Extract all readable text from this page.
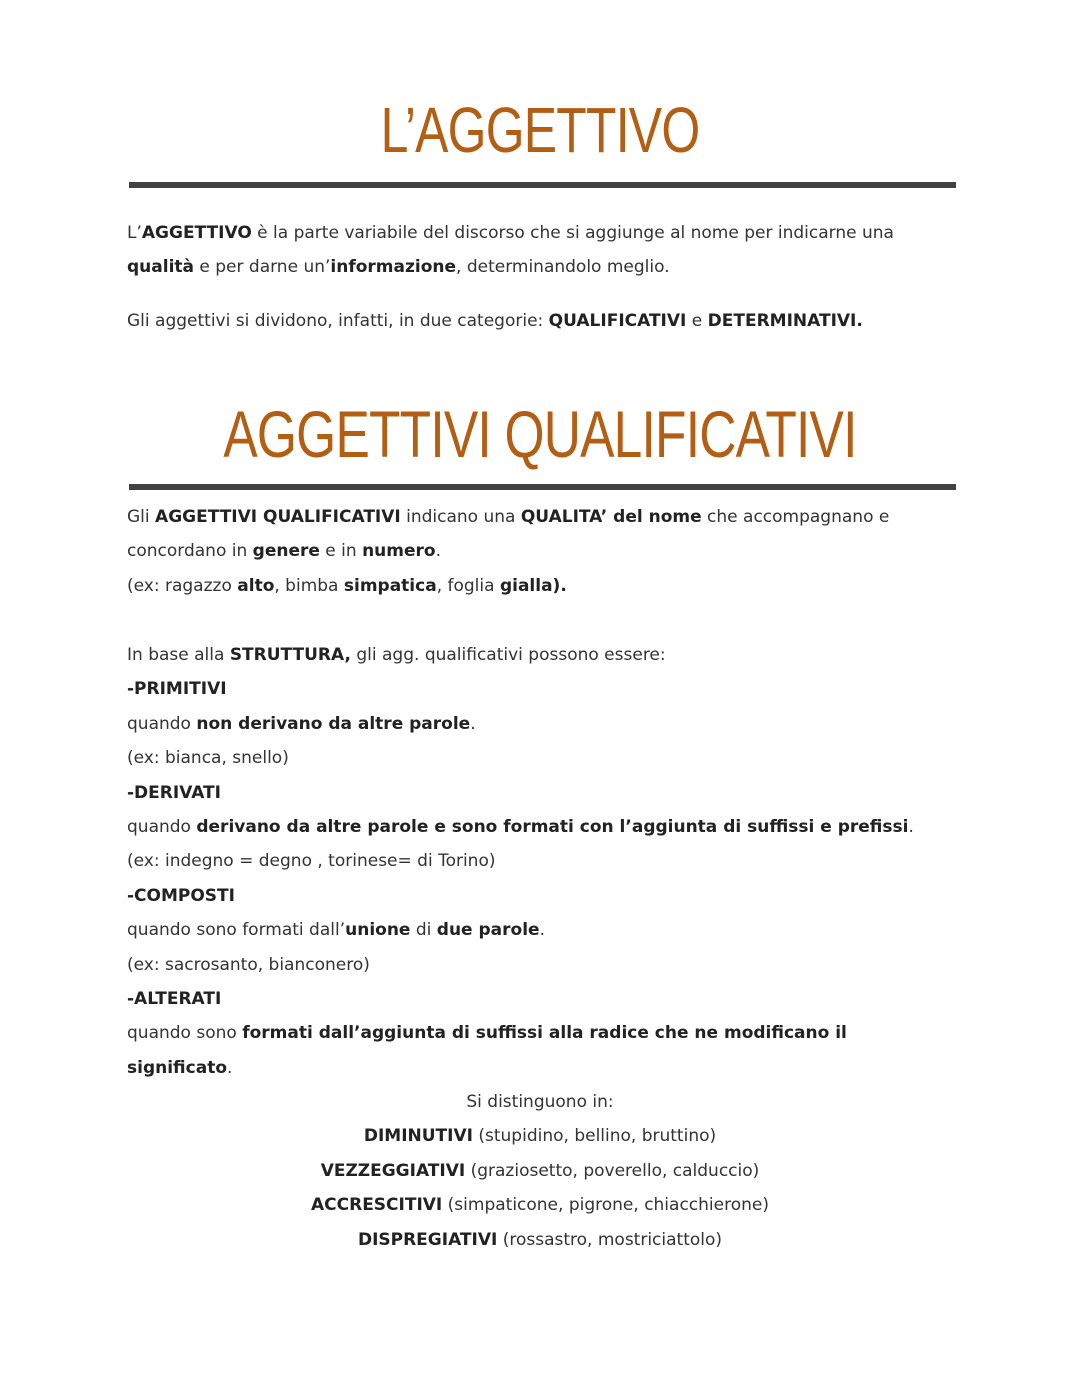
L’AGGETTIVO
L’AGGETTIVO è la parte variabile del discorso che si aggiunge al nome per indicarne una
qualità e per darne un’informazione, determinandolo meglio.
Gli aggettivi si dividono, infatti, in due categorie: QUALIFICATIVI e DETERMINATIVI.
AGGETTIVI QUALIFICATIVI
Gli AGGETTIVI QUALIFICATIVI indicano una QUALITA’ del nome che accompagnano e
concordano in genere e in numero.
(ex: ragazzo alto, bimba simpatica, foglia gialla).
In base alla STRUTTURA, gli agg. qualificativi possono essere:
-PRIMITIVI
quando non derivano da altre parole.
(ex: bianca, snello)
-DERIVATI
quando derivano da altre parole e sono formati con l’aggiunta di suffissi e prefissi.
(ex: indegno = degno , torinese= di Torino)
-COMPOSTI
quando sono formati dall’unione di due parole.
(ex: sacrosanto, bianconero)
-ALTERATI
quando sono formati dall’aggiunta di suffissi alla radice che ne modificano il
significato.
Si distinguono in:
DIMINUTIVI (stupidino, bellino, bruttino)
VEZZEGGIATIVI (graziosetto, poverello, calduccio)
ACCRESCITIVI (simpaticone, pigrone, chiacchierone)
DISPREGIATIVI (rossastro, mostriciattolo)
